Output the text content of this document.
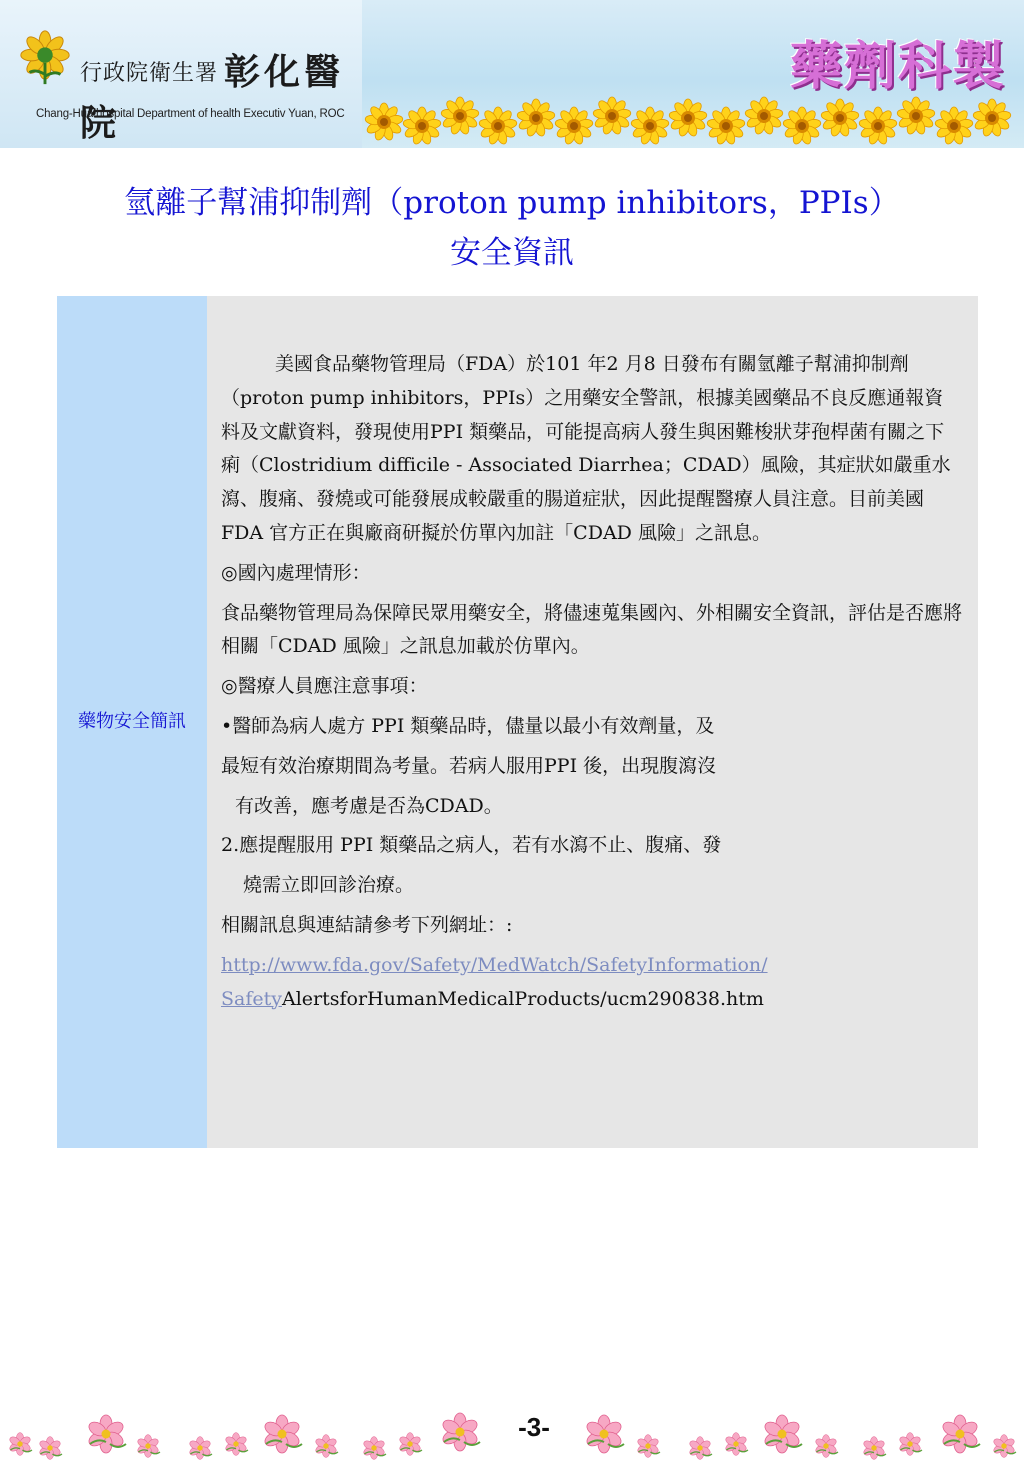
行政院衛生署 彰化醫院
Chang-Hua hospital Department of health Executiv Yuan, ROC
藥劑科製
氫離子幫浦抑制劑（proton pump inhibitors，PPIs）
安全資訊
藥物安全簡訊

美國食品藥物管理局（FDA）於101 年2 月8 日發布有關氫離子幫浦抑制劑（proton pump inhibitors，PPIs）之用藥安全警訊，根據美國藥品不良反應通報資料及文獻資料，發現使用PPI 類藥品，可能提高病人發生與困難梭狀芽孢桿菌有關之下痢（Clostridium difficile - Associated Diarrhea；CDAD）風險，其症狀如嚴重水瀉、腹痛、發燒或可能發展成較嚴重的腸道症狀，因此提醒醫療人員注意。目前美國FDA 官方正在與廠商研擬於仿單內加註「CDAD 風險」之訊息。

◎國內處理情形：

食品藥物管理局為保障民眾用藥安全，將儘速蒐集國內、外相關安全資訊，評估是否應將相關「CDAD 風險」之訊息加載於仿單內。

◎醫療人員應注意事項：

•醫師為病人處方 PPI 類藥品時，儘量以最小有效劑量，及

最短有效治療期間為考量。若病人服用PPI 後，出現腹瀉沒

有改善，應考慮是否為CDAD。

2.應提醒服用 PPI 類藥品之病人，若有水瀉不止、腹痛、發

燒需立即回診治療。

相關訊息與連結請參考下列網址：:

http://www.fda.gov/Safety/MedWatch/SafetyInformation/

SafetyAlertsforHumanMedicalProducts/ucm290838.htm

-3-
